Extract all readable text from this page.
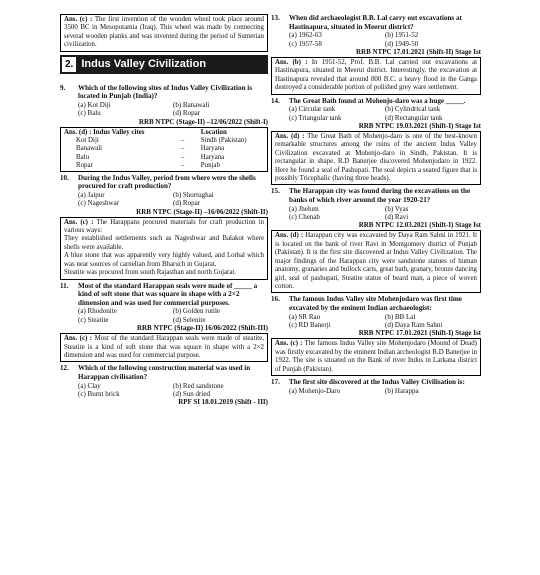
Ans. (c) : The first invention of the wooden wheel took place around 3500 BC in Mesopotamia (Iraq). This wheel was made by connecting several wooden planks and was invented during the period of Sumerian civilization.
2. Indus Valley Civilization
9.	Which of the following sites of Indus Valley Civilization is located in Punjab (India)?
(a) Kot Diji	(b) Banawali
(c) Balu	(d) Ropar
RRB NTPC (Stage-II) –12/06/2022 (Shift-I)
Ans. (d) : Indus Valley cites		Location
Kot Diji	–	Sindh (Pakistan)
Banawali	–	Haryana
Balu	–	Haryana
Ropar	–	Punjab
10.	During the Indus Valley, period from where were the shells procured for craft production?
(a) Jaipur	(b) Shortughai
(c) Nageshwar	(d) Ropar
RRB NTPC (Stage-II) –16/06/2022 (Shift-II)
Ans. (c) : The Harappans procured materials for craft production in various ways:
They established settlements such as Nageshwar and Balakot where shells were available.
A blue stone that was apparently very highly valued, and Lothal which was near sources of carnelian from Bharuch in Gujarat.
Steatite was procured from south Rajasthan and north Gujarat.
11.	Most of the standard Harappan seals were made of _____ a kind of soft stone that was square in shape with a 2×2 dimension and was used for commercial purposes.
(a) Rhodonite	(b) Golden rutile
(c) Steatite	(d) Selenite
RRB NTPC (Stage-II) 16/06/2022 (Shift-III)
Ans. (c) : Most of the standard Harappan seals were made of steatite, Steatite is a kind of soft stone that was square in shape with a 2×2 dimension and was used for commercial purpose.
12.	Which of the following construction material was used in Harappan civilisation?
(a) Clay	(b) Red sandstone
(c) Burnt brick	(d) Sun dried
RPF SI 18.01.2019 (Shift - III)
13.	When did archaeologist B.B. Lal carry out excavations at Hastinapura, situated in Meerut district?
(a) 1962-63	(b) 1951-52
(c) 1957-58	(d) 1949-50
RRB NTPC 17.01.2021 (Shift-II) Stage Ist
Ans. (b) : In 1951-52, Prof. B.B. Lal carried out excavations at Hastinapura, situated in Meerut district. Interestingly, the excavation at Hastinapura revealed that around 800 B.C. a heavy flood in the Ganga destroyed a considerable portion of polished grey ware settlement.
14.	The Great Bath found at Mohenjo-daro was a huge _____.
(a) Circular tank	(b) Cylindrical tank
(c) Triangular tank	(d) Rectangular tank
RRB NTPC 19.03.2021 (Shift-I) Stage Ist
Ans. (d) : The Great Bath of Mohenjo-daro is one of the best-known remarkable structures among the ruins of the ancient Indus Valley Civilization excavated at Mohenjo-daro in Sindh, Pakistan. It is rectangular in shape. R.D Banerjee discovered Mohenjodaro in 1922. Here he found a seal of Pashupati. The seal depicts a seated figure that is possibly Tricephalic (having three heads).
15.	The Harappan city was found during the excavations on the banks of which river around the year 1920-21?
(a) Jhelum	(b) Vyas
(c) Chenab	(d) Ravi
RRB NTPC 12.03.2021 (Shift-I) Stage Ist
Ans. (d) : Harappan city was excavated by Daya Ram Sahni in 1921. It is located on the bank of river Ravi in Montgomery district of Punjab (Pakistan). It is the first site discovered at Indus Valley Civilization. The major findings of the Harappan city were sandstone statues of human anatomy, granaries and bullock carts, great bath, granary, bronze dancing girl, seal of pashupati, Steatite statue of beard man, a piece of woven cotton.
16.	The famous Indus Valley site Mohenjodaro was first time excavated by the eminent Indian archaeologist:
(a) SR Rao	(b) BB Lal
(c) RD Banerji	(d) Daya Ram Sahni
RRB NTPC 17.01.2021 (Shift-I) Stage Ist
Ans. (c) : The famous Indus Valley site Mohenjodaro (Mound of Dead) was firstly excavated by the eminent Indian archeologist R.D Banerjee in 1922. The site is situated on the Bank of river Indus in Larkana district of Punjab (Pakistan).
17.	The first site discovered at the Indus Valley Civilisation is:
(a) Mohenjo-Daro	(b) Harappa
